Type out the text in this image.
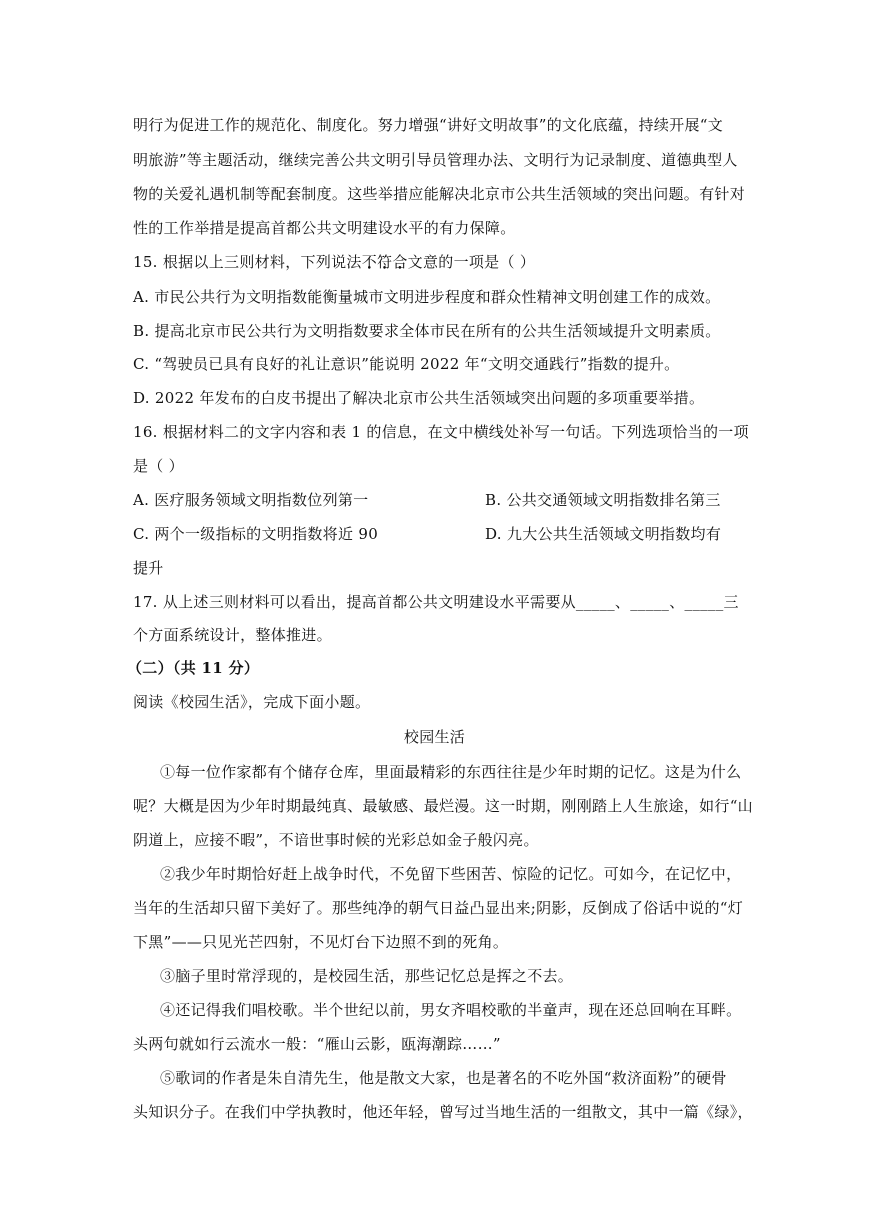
明行为促进工作的规范化、制度化。努力增强“讲好文明故事”的文化底蕴，持续开展“文
明旅游”等主题活动，继续完善公共文明引导员管理办法、文明行为记录制度、道德典型人
物的关爱礼遇机制等配套制度。这些举措应能解决北京市公共生活领域的突出问题。有针对
性的工作举措是提高首都公共文明建设水平的有力保障。
15. 根据以上三则材料，下列说法不符合文意的一项是（ ）
A. 市民公共行为文明指数能衡量城市文明进步程度和群众性精神文明创建工作的成效。
B. 提高北京市民公共行为文明指数要求全体市民在所有的公共生活领域提升文明素质。
C. “驾驶员已具有良好的礼让意识”能说明 2022 年“文明交通践行”指数的提升。
D. 2022 年发布的白皮书提出了解决北京市公共生活领域突出问题的多项重要举措。
16. 根据材料二的文字内容和表 1 的信息，在文中横线处补写一句话。下列选项恰当的一项
是（ ）
A. 医疗服务领域文明指数位列第一	B. 公共交通领域文明指数排名第三
C. 两个一级指标的文明指数将近 90	D. 九大公共生活领域文明指数均有
提升
17. 从上述三则材料可以看出，提高首都公共文明建设水平需要从_____、_____、_____三
个方面系统设计，整体推进。
（二）（共 11 分）
阅读《校园生活》，完成下面小题。
校园生活
①每一位作家都有个储存仓库，里面最精彩的东西往往是少年时期的记忆。这是为什么
呢？大概是因为少年时期最纯真、最敏感、最烂漫。这一时期，刚刚踏上人生旅途，如行“山
阴道上，应接不暇”，不谙世事时候的光彩总如金子般闪亮。
②我少年时期恰好赶上战争时代，不免留下些困苦、惊险的记忆。可如今，在记忆中，
当年的生活却只留下美好了。那些纯净的朝气日益凸显出来;阴影，反倒成了俗话中说的“灯
下黑”——只见光芒四射，不见灯台下边照不到的死角。
③脑子里时常浮现的，是校园生活，那些记忆总是挥之不去。
④还记得我们唱校歌。半个世纪以前，男女齐唱校歌的半童声，现在还总回响在耳畔。
头两句就如行云流水一般：“雁山云影，瓯海潮踪……”
⑤歌词的作者是朱自清先生，他是散文大家，也是著名的不吃外国“救济面粉”的硬骨
头知识分子。在我们中学执教时，他还年轻，曾写过当地生活的一组散文，其中一篇《绿》，
